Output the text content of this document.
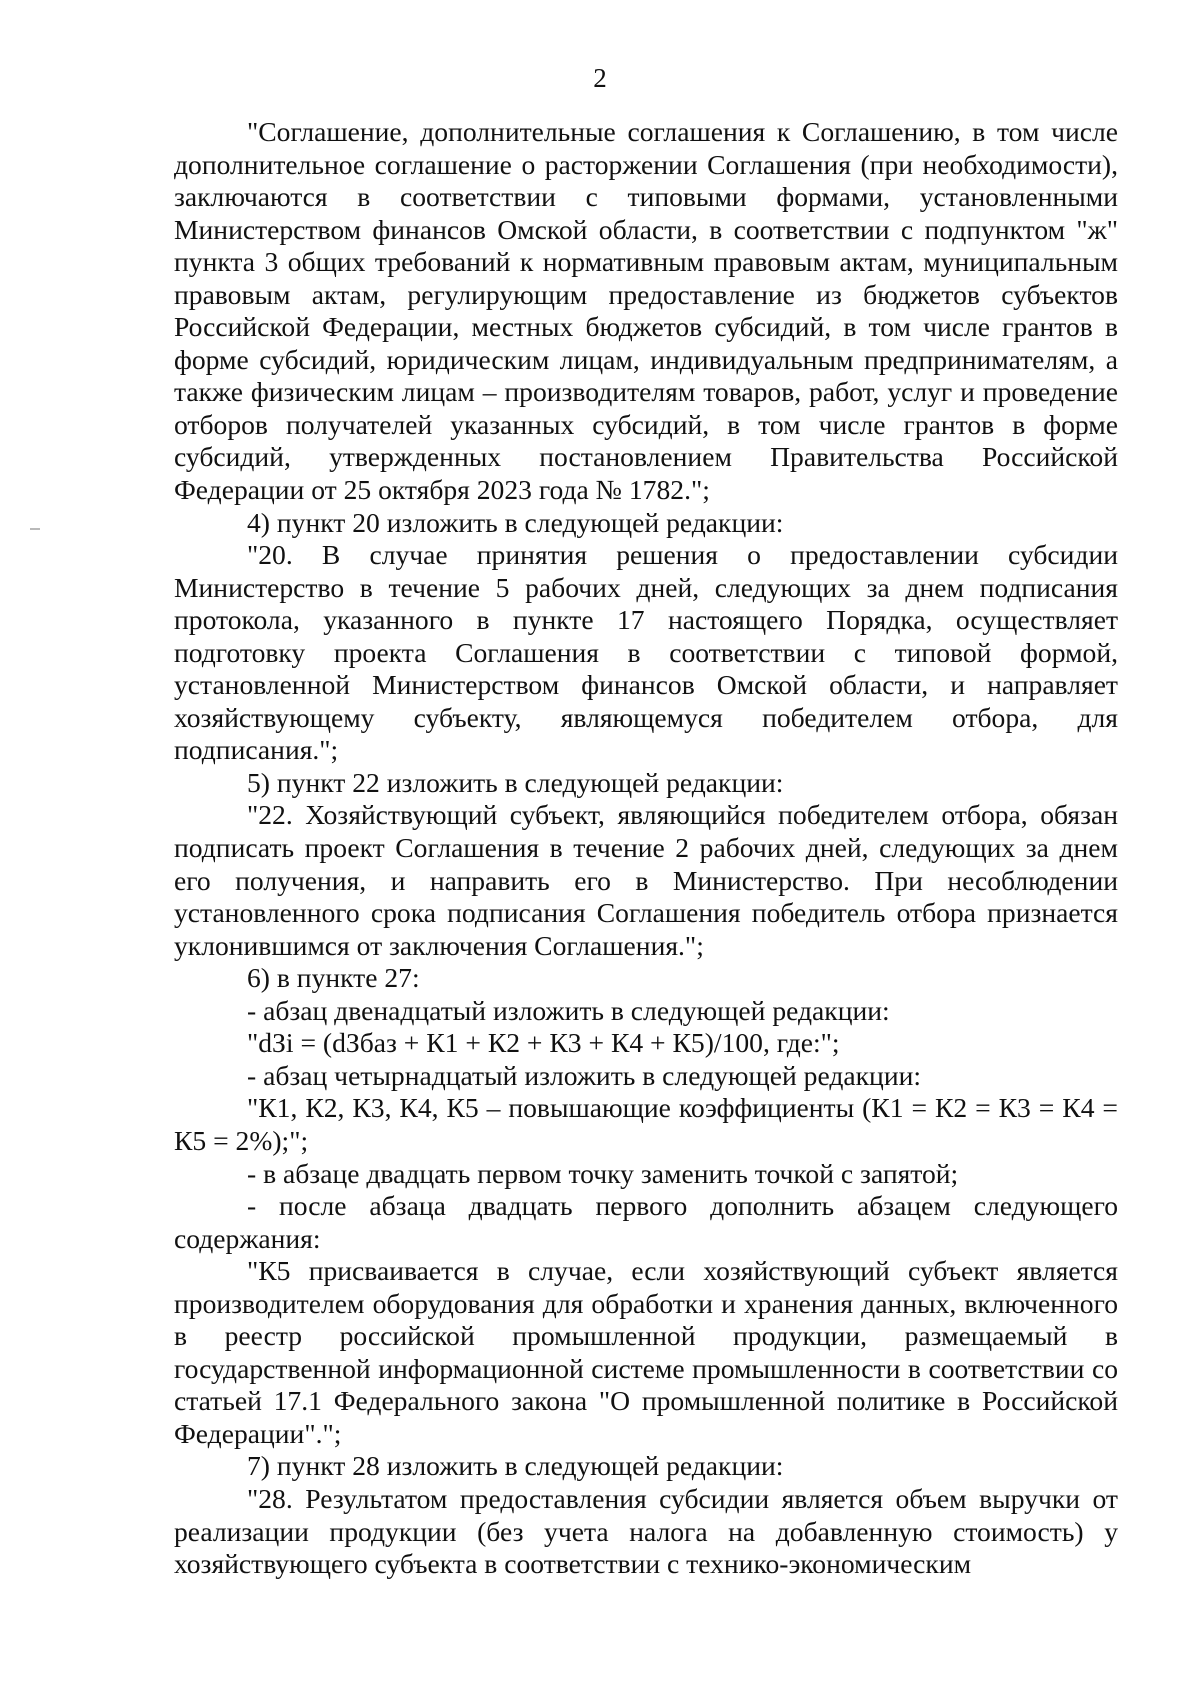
2

"Соглашение, дополнительные соглашения к Соглашению, в том числе дополнительное соглашение о расторжении Соглашения (при необходимости), заключаются в соответствии с типовыми формами, установленными Министерством финансов Омской области, в соответствии с подпунктом "ж" пункта 3 общих требований к нормативным правовым актам, муниципальным правовым актам, регулирующим предоставление из бюджетов субъектов Российской Федерации, местных бюджетов субсидий, в том числе грантов в форме субсидий, юридическим лицам, индивидуальным предпринимателям, а также физическим лицам – производителям товаров, работ, услуг и проведение отборов получателей указанных субсидий, в том числе грантов в форме субсидий, утвержденных постановлением Правительства Российской Федерации от 25 октября 2023 года № 1782.";

4) пункт 20 изложить в следующей редакции:

"20. В случае принятия решения о предоставлении субсидии Министерство в течение 5 рабочих дней, следующих за днем подписания протокола, указанного в пункте 17 настоящего Порядка, осуществляет подготовку проекта Соглашения в соответствии с типовой формой, установленной Министерством финансов Омской области, и направляет хозяйствующему субъекту, являющемуся победителем отбора, для подписания.";

5) пункт 22 изложить в следующей редакции:

"22. Хозяйствующий субъект, являющийся победителем отбора, обязан подписать проект Соглашения в течение 2 рабочих дней, следующих за днем его получения, и направить его в Министерство. При несоблюдении установленного срока подписания Соглашения победитель отбора признается уклонившимся от заключения Соглашения.";

6) в пункте 27:

- абзац двенадцатый изложить в следующей редакции:

"dЗi = (dЗбаз + К1 + К2 + К3 + К4 + К5)/100, где:";

- абзац четырнадцатый изложить в следующей редакции:

"К1, К2, К3, К4, К5 – повышающие коэффициенты (К1 = К2 = К3 = К4 = К5 = 2%);";

- в абзаце двадцать первом точку заменить точкой с запятой;

- после абзаца двадцать первого дополнить абзацем следующего содержания:

"К5 присваивается в случае, если хозяйствующий субъект является производителем оборудования для обработки и хранения данных, включенного в реестр российской промышленной продукции, размещаемый в государственной информационной системе промышленности в соответствии со статьей 17.1 Федерального закона "О промышленной политике в Российской Федерации".";

7) пункт 28 изложить в следующей редакции:

"28. Результатом предоставления субсидии является объем выручки от реализации продукции (без учета налога на добавленную стоимость) у хозяйствующего субъекта в соответствии с технико-экономическим
